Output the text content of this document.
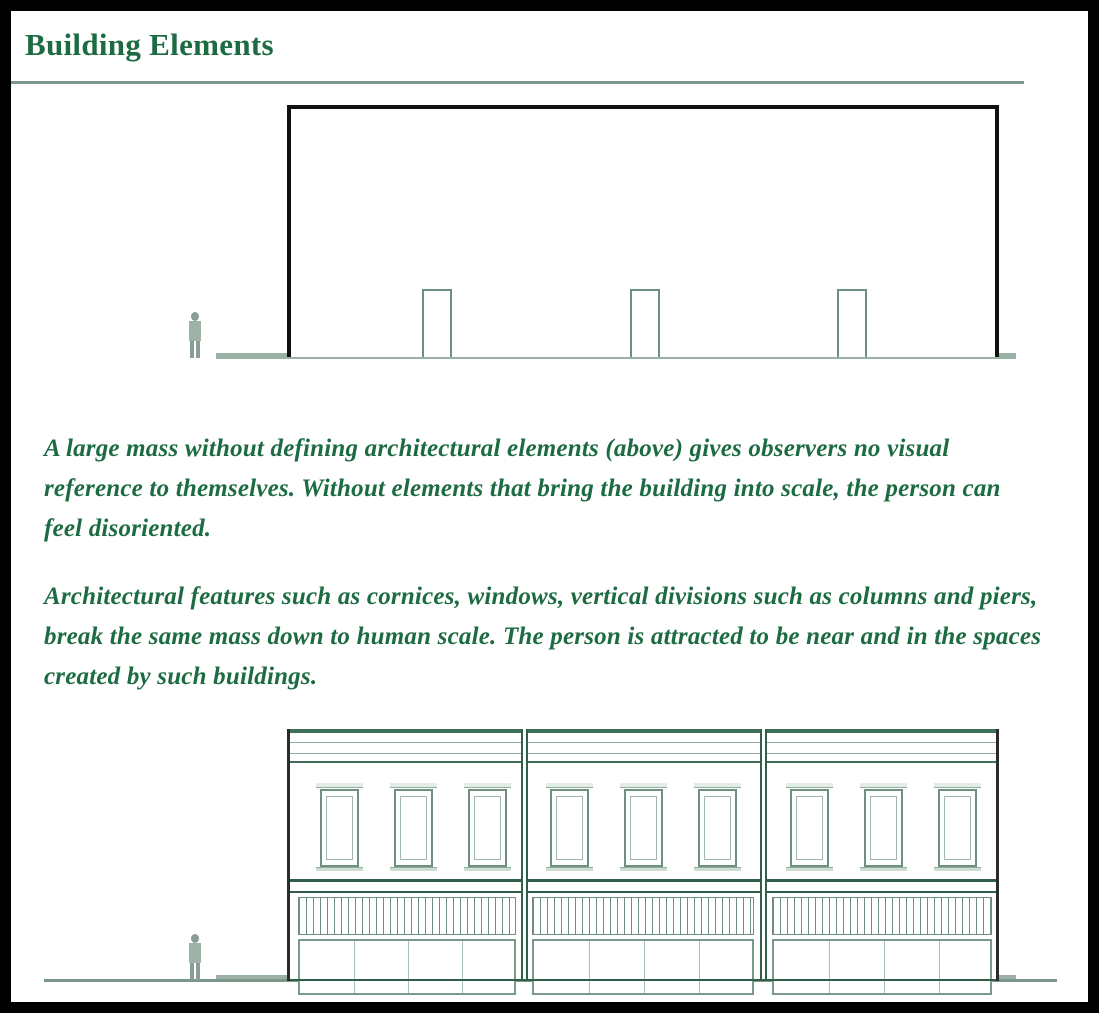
Building Elements
A large mass without defining architectural elements (above) gives observers no visual reference to themselves. Without elements that bring the building into scale, the person can feel disoriented.
Architectural features such as cornices, windows, vertical divisions such as columns and piers, break the same mass down to human scale. The person is attracted to be near and in the spaces created by such buildings.
